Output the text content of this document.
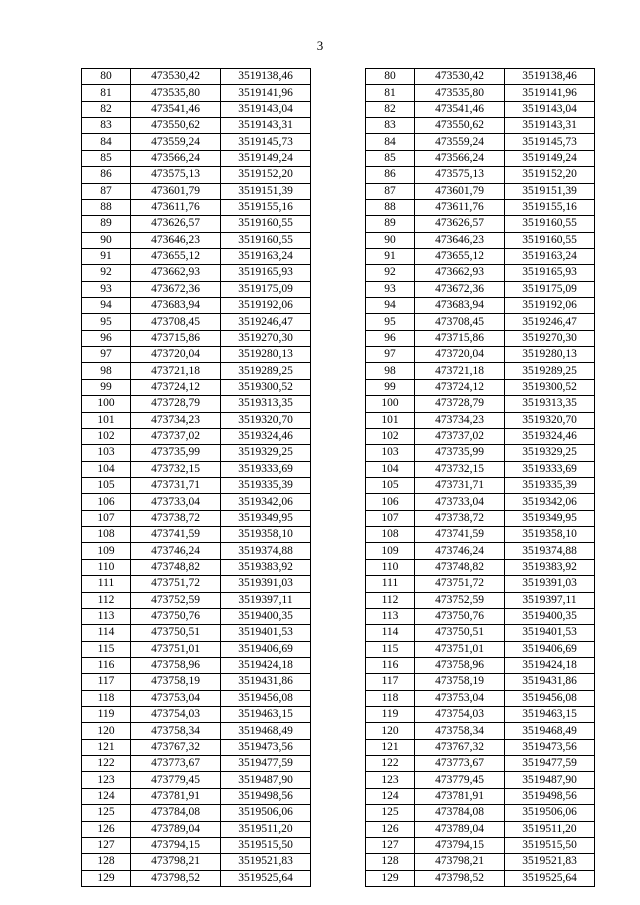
3
80	473530,42	3519138,46		80	473530,42	3519138,46
81	473535,80	3519141,96		81	473535,80	3519141,96
82	473541,46	3519143,04		82	473541,46	3519143,04
83	473550,62	3519143,31		83	473550,62	3519143,31
84	473559,24	3519145,73		84	473559,24	3519145,73
85	473566,24	3519149,24		85	473566,24	3519149,24
86	473575,13	3519152,20		86	473575,13	3519152,20
87	473601,79	3519151,39		87	473601,79	3519151,39
88	473611,76	3519155,16		88	473611,76	3519155,16
89	473626,57	3519160,55		89	473626,57	3519160,55
90	473646,23	3519160,55		90	473646,23	3519160,55
91	473655,12	3519163,24		91	473655,12	3519163,24
92	473662,93	3519165,93		92	473662,93	3519165,93
93	473672,36	3519175,09		93	473672,36	3519175,09
94	473683,94	3519192,06		94	473683,94	3519192,06
95	473708,45	3519246,47		95	473708,45	3519246,47
96	473715,86	3519270,30		96	473715,86	3519270,30
97	473720,04	3519280,13		97	473720,04	3519280,13
98	473721,18	3519289,25		98	473721,18	3519289,25
99	473724,12	3519300,52		99	473724,12	3519300,52
100	473728,79	3519313,35		100	473728,79	3519313,35
101	473734,23	3519320,70		101	473734,23	3519320,70
102	473737,02	3519324,46		102	473737,02	3519324,46
103	473735,99	3519329,25		103	473735,99	3519329,25
104	473732,15	3519333,69		104	473732,15	3519333,69
105	473731,71	3519335,39		105	473731,71	3519335,39
106	473733,04	3519342,06		106	473733,04	3519342,06
107	473738,72	3519349,95		107	473738,72	3519349,95
108	473741,59	3519358,10		108	473741,59	3519358,10
109	473746,24	3519374,88		109	473746,24	3519374,88
110	473748,82	3519383,92		110	473748,82	3519383,92
111	473751,72	3519391,03		111	473751,72	3519391,03
112	473752,59	3519397,11		112	473752,59	3519397,11
113	473750,76	3519400,35		113	473750,76	3519400,35
114	473750,51	3519401,53		114	473750,51	3519401,53
115	473751,01	3519406,69		115	473751,01	3519406,69
116	473758,96	3519424,18		116	473758,96	3519424,18
117	473758,19	3519431,86		117	473758,19	3519431,86
118	473753,04	3519456,08		118	473753,04	3519456,08
119	473754,03	3519463,15		119	473754,03	3519463,15
120	473758,34	3519468,49		120	473758,34	3519468,49
121	473767,32	3519473,56		121	473767,32	3519473,56
122	473773,67	3519477,59		122	473773,67	3519477,59
123	473779,45	3519487,90		123	473779,45	3519487,90
124	473781,91	3519498,56		124	473781,91	3519498,56
125	473784,08	3519506,06		125	473784,08	3519506,06
126	473789,04	3519511,20		126	473789,04	3519511,20
127	473794,15	3519515,50		127	473794,15	3519515,50
128	473798,21	3519521,83		128	473798,21	3519521,83
129	473798,52	3519525,64		129	473798,52	3519525,64
